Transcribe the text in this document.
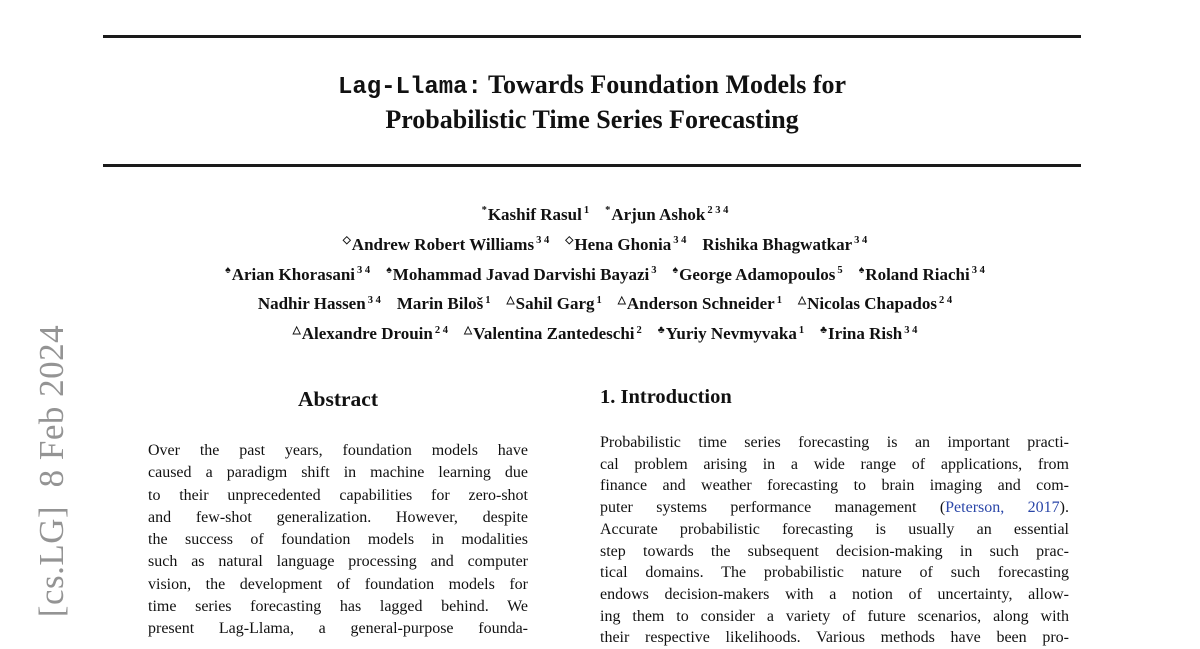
[cs.LG]  8 Feb 2024
Lag-Llama: Towards Foundation Models for
Probabilistic Time Series Forecasting
*Kashif Rasul $^1$ *Arjun Ashok $^{2 3 4}$
◇Andrew Robert Williams $^{3 4}$ ◇Hena Ghonia $^{3 4}$ Rishika Bhagwatkar $^{3 4}$
♠Arian Khorasani $^{3 4}$ ♠Mohammad Javad Darvishi Bayazi $^3$ ♠George Adamopoulos $^5$ ♠Roland Riachi $^{3 4}$
Nadhir Hassen $^{3 4}$ Marin Biloš $^1$ △Sahil Garg $^1$ △Anderson Schneider $^1$ △Nicolas Chapados $^{2 4}$
△Alexandre Drouin $^{2 4}$ △Valentina Zantedeschi $^2$ ♣Yuriy Nevmyvaka $^1$ ♣Irina Rish $^{3 4}$
Abstract
Over the past years, foundation models have
caused a paradigm shift in machine learning due
to their unprecedented capabilities for zero-shot
and few-shot generalization. However, despite
the success of foundation models in modalities
such as natural language processing and computer
vision, the development of foundation models for
time series forecasting has lagged behind. We
present Lag-Llama, a general-purpose founda-
1. Introduction
Probabilistic time series forecasting is an important practi-
cal problem arising in a wide range of applications, from
finance and weather forecasting to brain imaging and com-
puter systems performance management (Peterson, 2017).
Accurate probabilistic forecasting is usually an essential
step towards the subsequent decision-making in such prac-
tical domains. The probabilistic nature of such forecasting
endows decision-makers with a notion of uncertainty, allow-
ing them to consider a variety of future scenarios, along with
their respective likelihoods. Various methods have been pro-
